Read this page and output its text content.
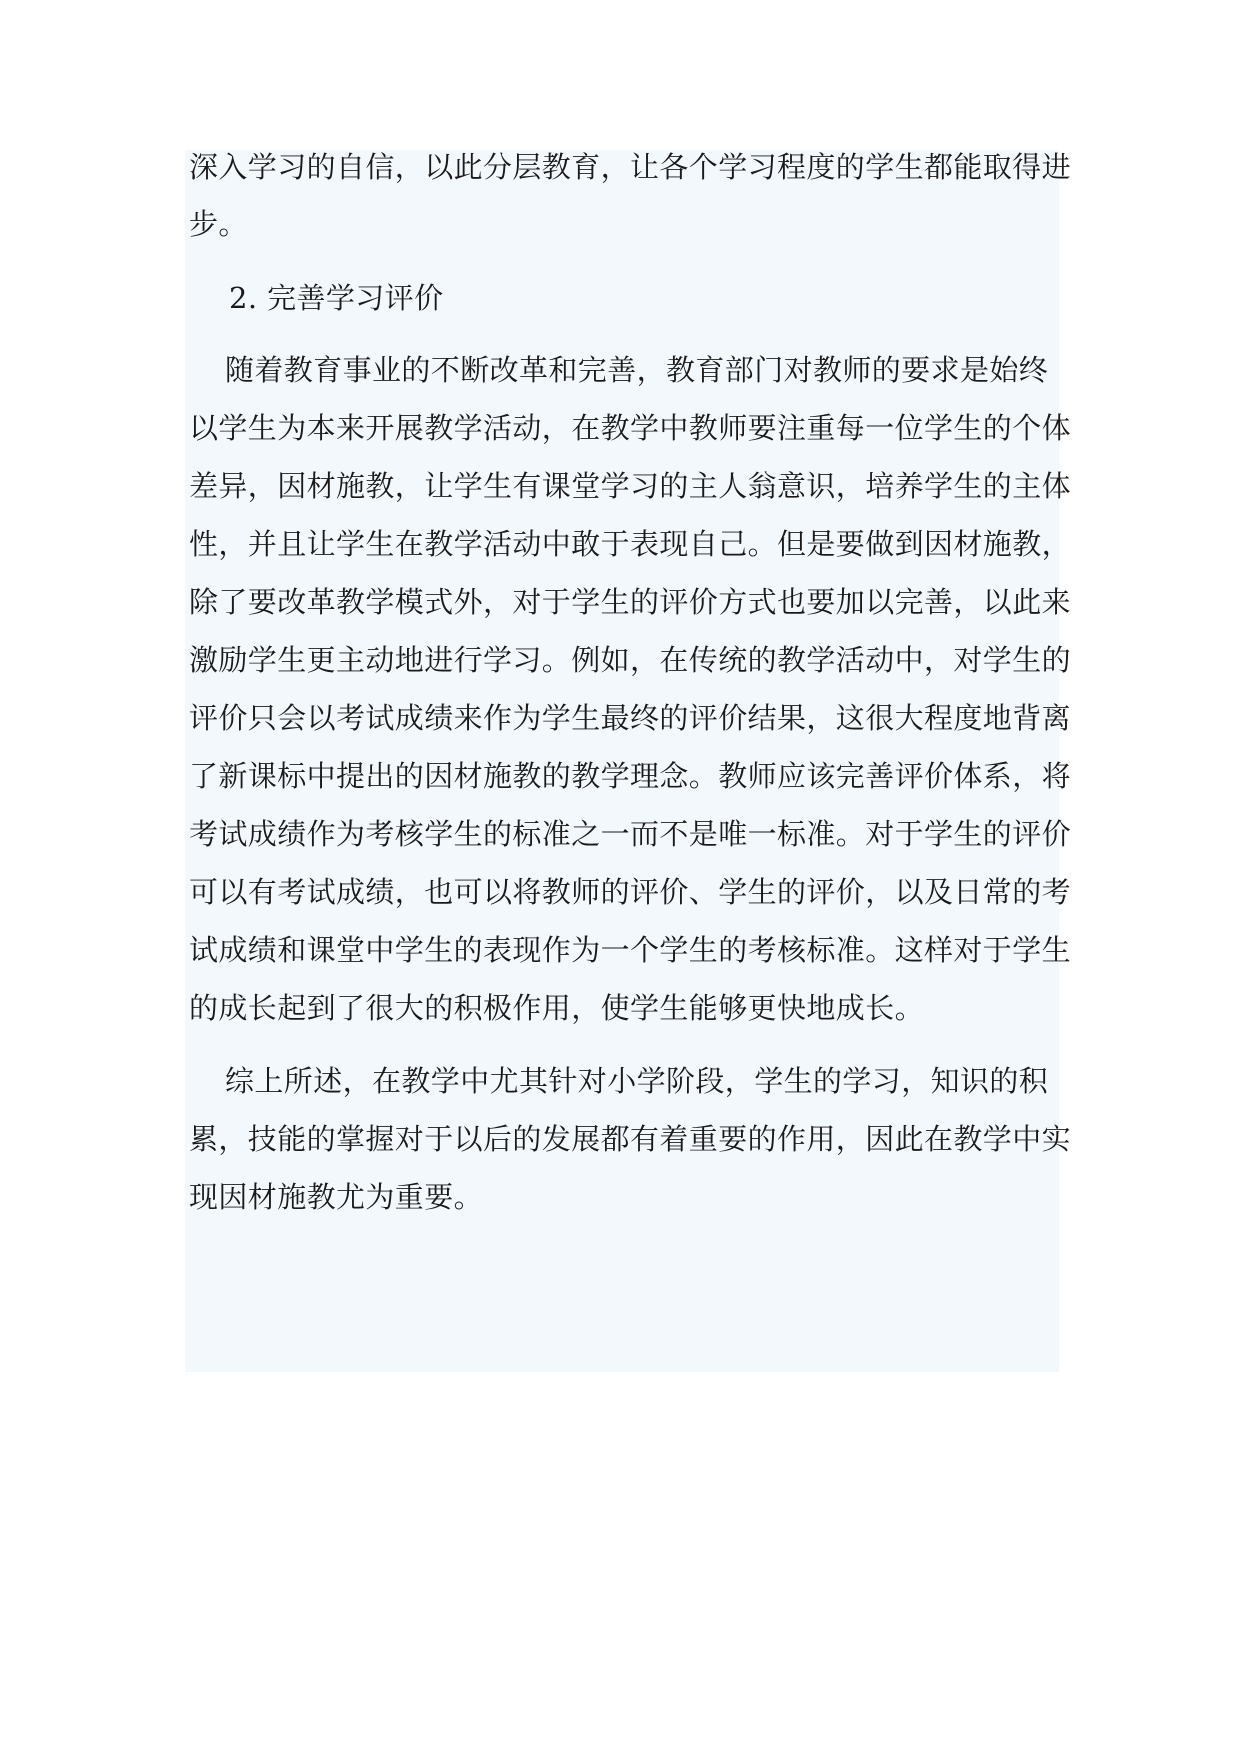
深入学习的自信，以此分层教育，让各个学习程度的学生都能取得进
步。
2. 完善学习评价
随着教育事业的不断改革和完善，教育部门对教师的要求是始终
以学生为本来开展教学活动，在教学中教师要注重每一位学生的个体
差异，因材施教，让学生有课堂学习的主人翁意识，培养学生的主体
性，并且让学生在教学活动中敢于表现自己。但是要做到因材施教，
除了要改革教学模式外，对于学生的评价方式也要加以完善，以此来
激励学生更主动地进行学习。例如，在传统的教学活动中，对学生的
评价只会以考试成绩来作为学生最终的评价结果，这很大程度地背离
了新课标中提出的因材施教的教学理念。教师应该完善评价体系，将
考试成绩作为考核学生的标准之一而不是唯一标准。对于学生的评价
可以有考试成绩，也可以将教师的评价、学生的评价，以及日常的考
试成绩和课堂中学生的表现作为一个学生的考核标准。这样对于学生
的成长起到了很大的积极作用，使学生能够更快地成长。
综上所述，在教学中尤其针对小学阶段，学生的学习，知识的积
累，技能的掌握对于以后的发展都有着重要的作用，因此在教学中实
现因材施教尤为重要。
